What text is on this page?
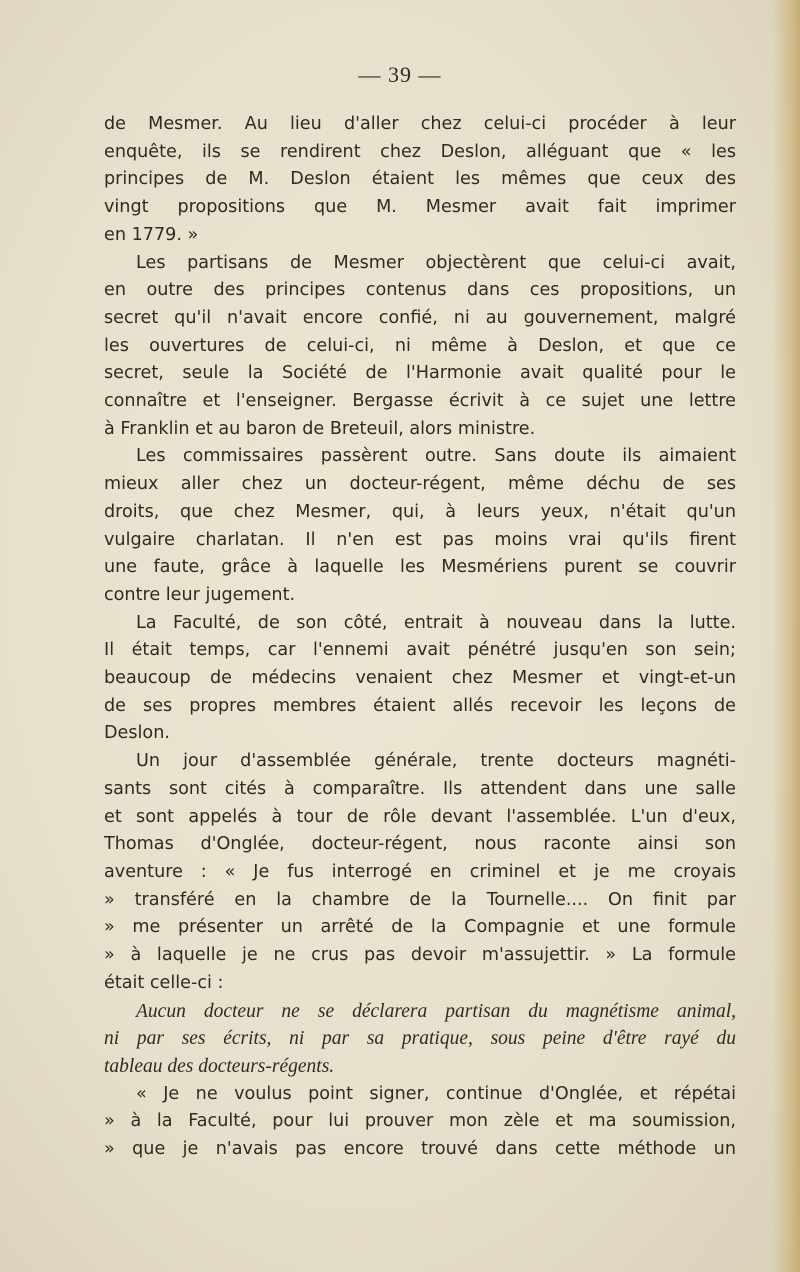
— 39 —
de Mesmer. Au lieu d'aller chez celui-ci procéder à leur
enquête, ils se rendirent chez Deslon, alléguant que « les
principes de M. Deslon étaient les mêmes que ceux des
vingt propositions que M. Mesmer avait fait imprimer
en 1779. »
Les partisans de Mesmer objectèrent que celui-ci avait,
en outre des principes contenus dans ces propositions, un
secret qu'il n'avait encore confié, ni au gouvernement, malgré
les ouvertures de celui-ci, ni même à Deslon, et que ce
secret, seule la Société de l'Harmonie avait qualité pour le
connaître et l'enseigner. Bergasse écrivit à ce sujet une lettre
à Franklin et au baron de Breteuil, alors ministre.
Les commissaires passèrent outre. Sans doute ils aimaient
mieux aller chez un docteur-régent, même déchu de ses
droits, que chez Mesmer, qui, à leurs yeux, n'était qu'un
vulgaire charlatan. Il n'en est pas moins vrai qu'ils firent
une faute, grâce à laquelle les Mesmériens purent se couvrir
contre leur jugement.
La Faculté, de son côté, entrait à nouveau dans la lutte.
Il était temps, car l'ennemi avait pénétré jusqu'en son sein;
beaucoup de médecins venaient chez Mesmer et vingt-et-un
de ses propres membres étaient allés recevoir les leçons de
Deslon.
Un jour d'assemblée générale, trente docteurs magnéti-
sants sont cités à comparaître. Ils attendent dans une salle
et sont appelés à tour de rôle devant l'assemblée. L'un d'eux,
Thomas d'Onglée, docteur-régent, nous raconte ainsi son
aventure : « Je fus interrogé en criminel et je me croyais
» transféré en la chambre de la Tournelle.... On finit par
» me présenter un arrêté de la Compagnie et une formule
» à laquelle je ne crus pas devoir m'assujettir. » La formule
était celle-ci :
Aucun docteur ne se déclarera partisan du magnétisme animal,
ni par ses écrits, ni par sa pratique, sous peine d'être rayé du
tableau des docteurs-régents.
« Je ne voulus point signer, continue d'Onglée, et répétai
» à la Faculté, pour lui prouver mon zèle et ma soumission,
» que je n'avais pas encore trouvé dans cette méthode un
